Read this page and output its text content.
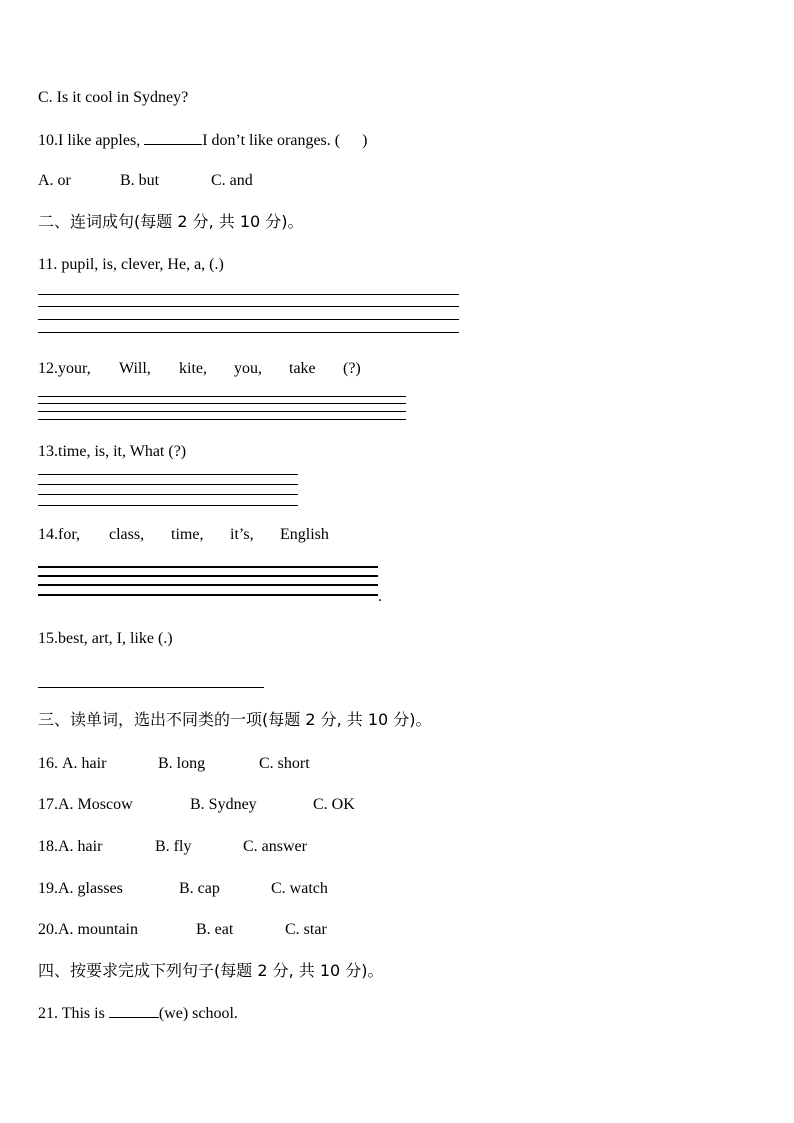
C. Is it cool in Sydney?
10.I like apples,	I don’t like oranges. ( )
A. or	B. but	C. and
二、连词成句(每题 2 分, 共 10 分)。
11. pupil, is, clever, He, a, (.)
12.your, Will, kite, you, take (?)
13.time, is, it, What (?)
14.for, class, time, it’s, English
.
15.best, art, I, like (.)
三、读单词，选出不同类的一项(每题 2 分, 共 10 分)。
16. A. hair	B. long	C. short
17.A. Moscow	B. Sydney	C. OK
18.A. hair	B. fly	C. answer
19.A. glasses	B. cap	C. watch
20.A. mountain	B. eat	C. star
四、按要求完成下列句子(每题 2 分, 共 10 分)。
21. This is	(we) school.
